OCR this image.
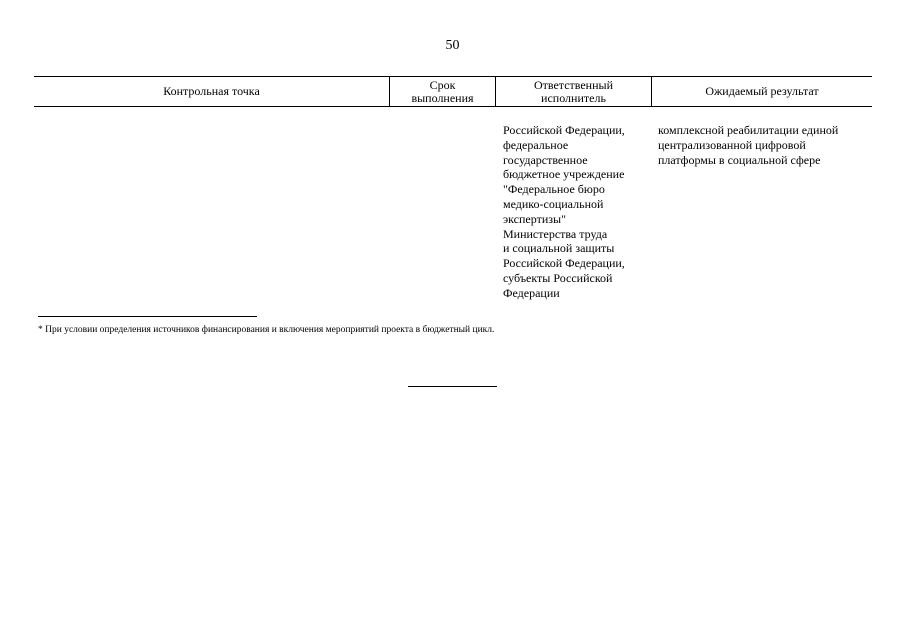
50
Контрольная точка	Срок
выполнения
Ответственный
исполнитель	Ожидаемый результат
Российской Федерации,
федеральное
государственное
бюджетное учреждение
"Федеральное бюро
медико-социальной
экспертизы"
Министерства труда
и социальной защиты
Российской Федерации,
субъекты Российской
Федерации
комплексной реабилитации единой
централизованной цифровой
платформы в социальной сфере
* При условии определения источников финансирования и включения мероприятий проекта в бюджетный цикл.
